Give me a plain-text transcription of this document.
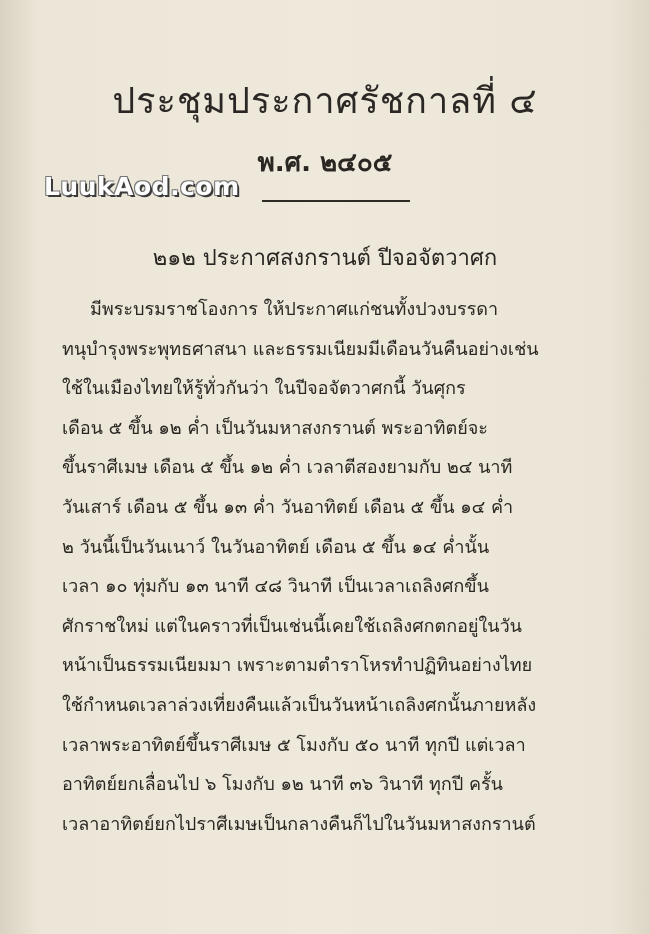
ประชุมประกาศรัชกาลที่ ๔
พ.ศ. ๒๔๐๕
LuukAod.com
๒๑๒ ประกาศสงกรานต์ ปีจอจัตวาศก
มีพระบรมราชโองการ ให้ประกาศแก่ชนทั้งปวงบรรดา
ทนุบำรุงพระพุทธศาสนา และธรรมเนียมมีเดือนวันคืนอย่างเช่น
ใช้ในเมืองไทยให้รู้ทั่วกันว่า ในปีจอจัตวาศกนี้ วันศุกร
เดือน ๕ ขึ้น ๑๒ ค่ำ เป็นวันมหาสงกรานต์ พระอาทิตย์จะ
ขึ้นราศีเมษ เดือน ๕ ขึ้น ๑๒ ค่ำ เวลาตีสองยามกับ ๒๔ นาที
วันเสาร์ เดือน ๕ ขึ้น ๑๓ ค่ำ วันอาทิตย์ เดือน ๕ ขึ้น ๑๔ ค่ำ
๒ วันนี้เป็นวันเนาว์ ในวันอาทิตย์ เดือน ๕ ขึ้น ๑๔ ค่ำนั้น
เวลา ๑๐ ทุ่มกับ ๑๓ นาที ๔๘ วินาที เป็นเวลาเถลิงศกขึ้น
ศักราชใหม่ แต่ในคราวที่เป็นเช่นนี้เคยใช้เถลิงศกตกอยู่ในวัน
หน้าเป็นธรรมเนียมมา เพราะตามตำราโหรทำปฏิทินอย่างไทย
ใช้กำหนดเวลาล่วงเที่ยงคืนแล้วเป็นวันหน้าเถลิงศกนั้นภายหลัง
เวลาพระอาทิตย์ขึ้นราศีเมษ ๕ โมงกับ ๕๐ นาที ทุกปี แต่เวลา
อาทิตย์ยกเลื่อนไป ๖ โมงกับ ๑๒ นาที ๓๖ วินาที ทุกปี ครั้น
เวลาอาทิตย์ยกไปราศีเมษเป็นกลางคืนก็ไปในวันมหาสงกรานต์
